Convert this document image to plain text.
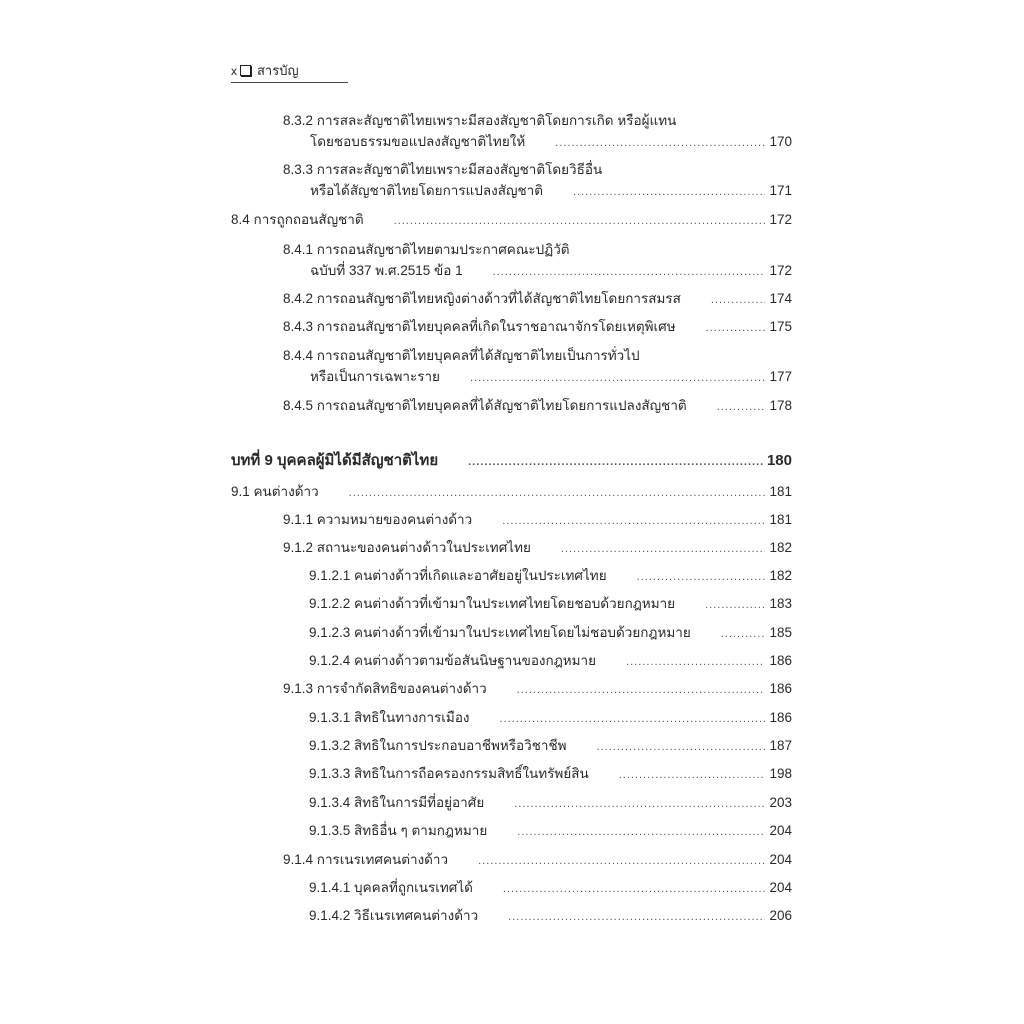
x สารบัญ
8.3.2 การสละสัญชาติไทยเพราะมีสองสัญชาติโดยการเกิด หรือผู้แทน
โดยชอบธรรมขอแปลงสัญชาติไทยให้ .....	170
8.3.3 การสละสัญชาติไทยเพราะมีสองสัญชาติโดยวิธีอื่น
หรือได้สัญชาติไทยโดยการแปลงสัญชาติ .....	171
8.4 การถูกถอนสัญชาติ .....	172
8.4.1 การถอนสัญชาติไทยตามประกาศคณะปฏิวัติ
ฉบับที่ 337 พ.ศ.2515 ข้อ 1 .....	172
8.4.2 การถอนสัญชาติไทยหญิงต่างด้าวที่ได้สัญชาติไทยโดยการสมรส .....	174
8.4.3 การถอนสัญชาติไทยบุคคลที่เกิดในราชอาณาจักรโดยเหตุพิเศษ .....	175
8.4.4 การถอนสัญชาติไทยบุคคลที่ได้สัญชาติไทยเป็นการทั่วไป
หรือเป็นการเฉพาะราย .....	177
8.4.5 การถอนสัญชาติไทยบุคคลที่ได้สัญชาติไทยโดยการแปลงสัญชาติ .....	178
บทที่ 9 บุคคลผู้มิได้มีสัญชาติไทย .....	180
9.1 คนต่างด้าว .....	181
9.1.1 ความหมายของคนต่างด้าว .....	181
9.1.2 สถานะของคนต่างด้าวในประเทศไทย .....	182
9.1.2.1 คนต่างด้าวที่เกิดและอาศัยอยู่ในประเทศไทย .....	182
9.1.2.2 คนต่างด้าวที่เข้ามาในประเทศไทยโดยชอบด้วยกฎหมาย .....	183
9.1.2.3 คนต่างด้าวที่เข้ามาในประเทศไทยโดยไม่ชอบด้วยกฎหมาย .....	185
9.1.2.4 คนต่างด้าวตามข้อสันนิษฐานของกฎหมาย .....	186
9.1.3 การจำกัดสิทธิของคนต่างด้าว .....	186
9.1.3.1 สิทธิในทางการเมือง .....	186
9.1.3.2 สิทธิในการประกอบอาชีพหรือวิชาชีพ .....	187
9.1.3.3 สิทธิในการถือครองกรรมสิทธิ์ในทรัพย์สิน .....	198
9.1.3.4 สิทธิในการมีที่อยู่อาศัย .....	203
9.1.3.5 สิทธิอื่น ๆ ตามกฎหมาย .....	204
9.1.4 การเนรเทศคนต่างด้าว .....	204
9.1.4.1 บุคคลที่ถูกเนรเทศได้ .....	204
9.1.4.2 วิธีเนรเทศคนต่างด้าว .....	206
